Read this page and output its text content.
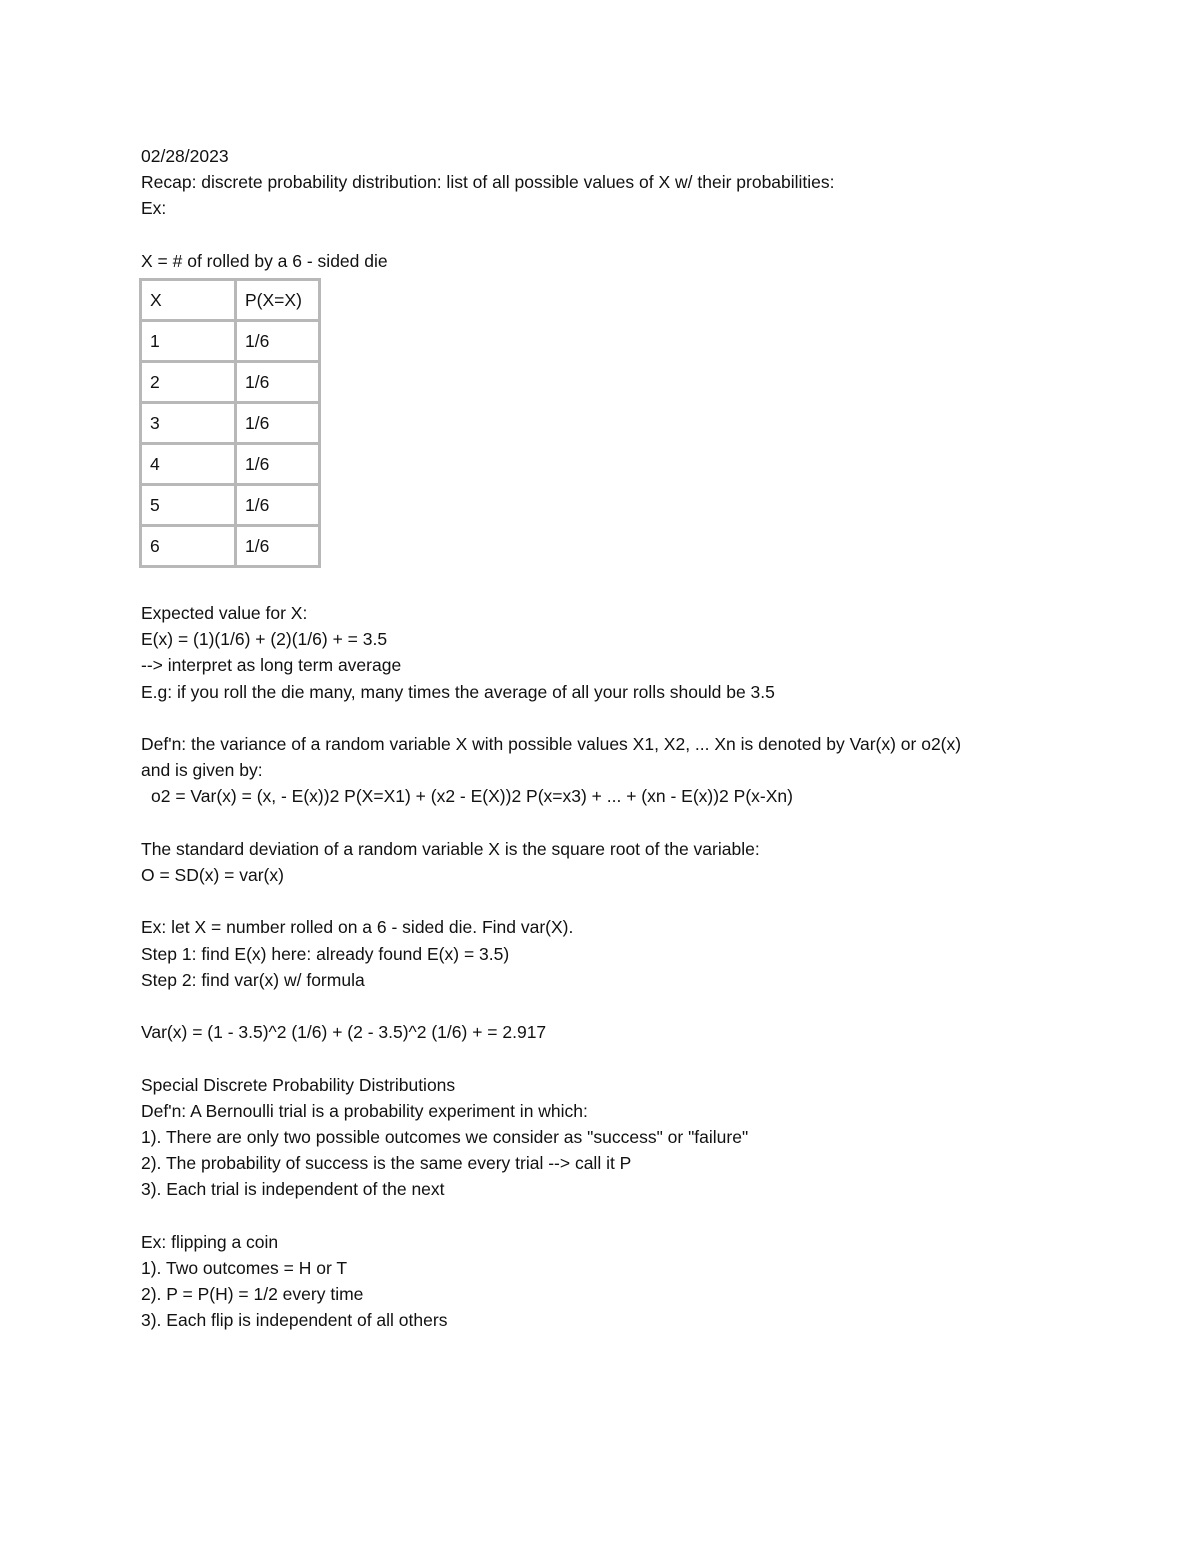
02/28/2023
Recap: discrete probability distribution: list of all possible values of X w/ their probabilities:
Ex:
X = # of rolled by a 6 - sided die
X	P(X=X)
1	1/6
2	1/6
3	1/6
4	1/6
5	1/6
6	1/6
Expected value for X:
E(x) = (1)(1/6) + (2)(1/6) + = 3.5
--> interpret as long term average
E.g: if you roll the die many, many times the average of all your rolls should be 3.5
Def'n: the variance of a random variable X with possible values X1, X2, ... Xn is denoted by Var(x) or o2(x)
and is given by:
o2 = Var(x) = (x, - E(x))2 P(X=X1) + (x2 - E(X))2 P(x=x3) + ... + (xn - E(x))2 P(x-Xn)
The standard deviation of a random variable X is the square root of the variable:
O = SD(x) = var(x)
Ex: let X = number rolled on a 6 - sided die. Find var(X).
Step 1: find E(x) here: already found E(x) = 3.5)
Step 2: find var(x) w/ formula
Var(x) = (1 - 3.5)^2 (1/6) + (2 - 3.5)^2 (1/6) + = 2.917
Special Discrete Probability Distributions
Def'n: A Bernoulli trial is a probability experiment in which:
1). There are only two possible outcomes we consider as "success" or "failure"
2). The probability of success is the same every trial --> call it P
3). Each trial is independent of the next
Ex: flipping a coin
1). Two outcomes = H or T
2). P = P(H) = 1/2 every time
3). Each flip is independent of all others
